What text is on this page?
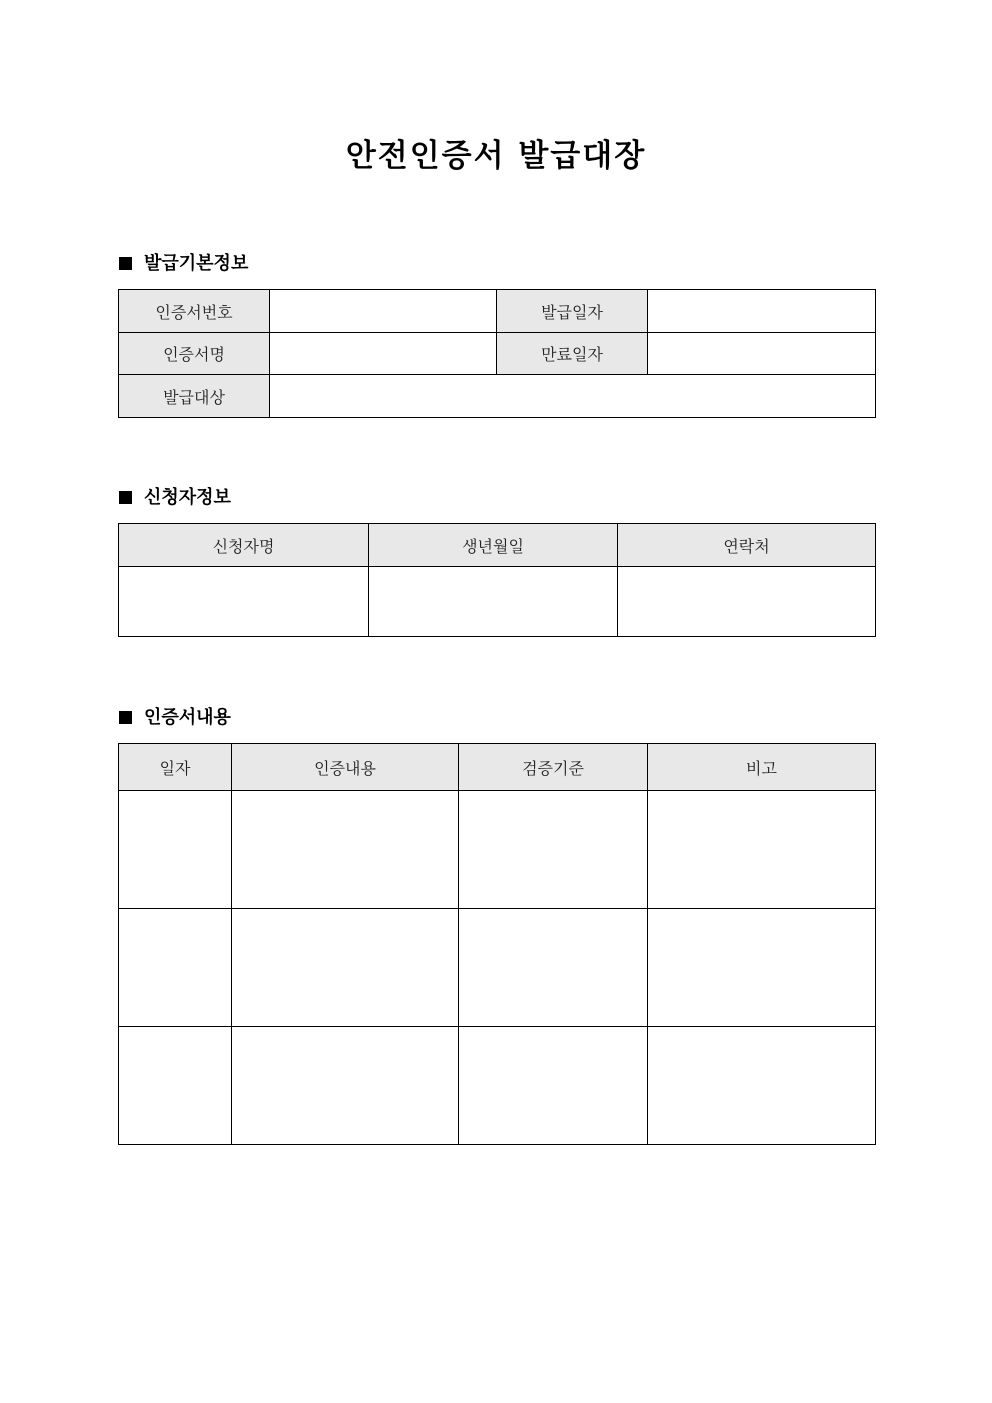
안전인증서 발급대장
발급기본정보
인증서번호		발급일자	
인증서명		만료일자	
발급대상			
신청자정보
신청자명	생년월일	연락처

인증서내용
일자	인증내용	검증기준	비고
